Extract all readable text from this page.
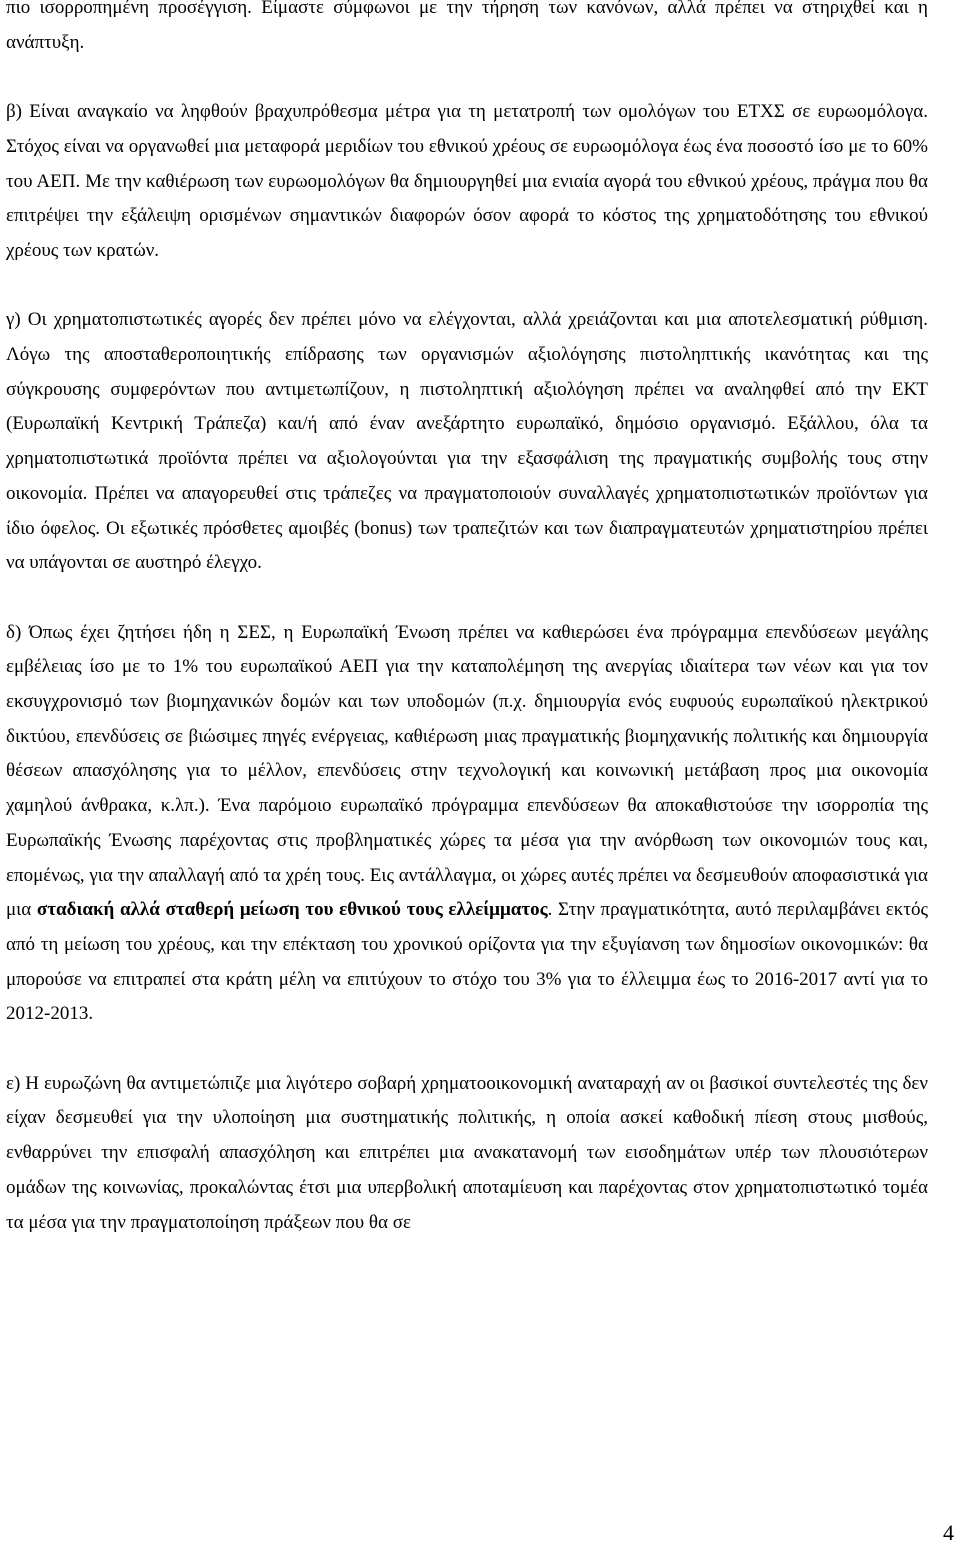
πιο ισορροπημένη προσέγγιση. Είμαστε σύμφωνοι με την τήρηση των κανόνων, αλλά πρέπει να στηριχθεί και η ανάπτυξη.

β) Είναι αναγκαίο να ληφθούν βραχυπρόθεσμα μέτρα για τη μετατροπή των ομολόγων του ΕΤΧΣ σε ευρωομόλογα. Στόχος είναι να οργανωθεί μια μεταφορά μεριδίων του εθνικού χρέους σε ευρωομόλογα έως ένα ποσοστό ίσο με το 60% του ΑΕΠ. Με την καθιέρωση των ευρωομολόγων θα δημιουργηθεί μια ενιαία αγορά του εθνικού χρέους, πράγμα που θα επιτρέψει την εξάλειψη ορισμένων σημαντικών διαφορών όσον αφορά το κόστος της χρηματοδότησης του εθνικού χρέους των κρατών.

γ) Οι χρηματοπιστωτικές αγορές δεν πρέπει μόνο να ελέγχονται, αλλά χρειάζονται και μια αποτελεσματική ρύθμιση. Λόγω της αποσταθεροποιητικής επίδρασης των οργανισμών αξιολόγησης πιστοληπτικής ικανότητας και της σύγκρουσης συμφερόντων που αντιμετωπίζουν, η πιστοληπτική αξιολόγηση πρέπει να αναληφθεί από την ΕΚΤ (Ευρωπαϊκή Κεντρική Τράπεζα) και/ή από έναν ανεξάρτητο ευρωπαϊκό, δημόσιο οργανισμό. Εξάλλου, όλα τα χρηματοπιστωτικά προϊόντα πρέπει να αξιολογούνται για την εξασφάλιση της πραγματικής συμβολής τους στην οικονομία. Πρέπει να απαγορευθεί στις τράπεζες να πραγματοποιούν συναλλαγές χρηματοπιστωτικών προϊόντων για ίδιο όφελος. Οι εξωτικές πρόσθετες αμοιβές (bonus) των τραπεζιτών και των διαπραγματευτών χρηματιστηρίου πρέπει να υπάγονται σε αυστηρό έλεγχο.

δ) Όπως έχει ζητήσει ήδη η ΣΕΣ, η Ευρωπαϊκή Ένωση πρέπει να καθιερώσει ένα πρόγραμμα επενδύσεων μεγάλης εμβέλειας ίσο με το 1% του ευρωπαϊκού ΑΕΠ για την καταπολέμηση της ανεργίας ιδιαίτερα των νέων και για τον εκσυγχρονισμό των βιομηχανικών δομών και των υποδομών (π.χ. δημιουργία ενός ευφυούς ευρωπαϊκού ηλεκτρικού δικτύου, επενδύσεις σε βιώσιμες πηγές ενέργειας, καθιέρωση μιας πραγματικής βιομηχανικής πολιτικής και δημιουργία θέσεων απασχόλησης για το μέλλον, επενδύσεις στην τεχνολογική και κοινωνική μετάβαση προς μια οικονομία χαμηλού άνθρακα, κ.λπ.). Ένα παρόμοιο ευρωπαϊκό πρόγραμμα επενδύσεων θα αποκαθιστούσε την ισορροπία της Ευρωπαϊκής Ένωσης παρέχοντας στις προβληματικές χώρες τα μέσα για την ανόρθωση των οικονομιών τους και, επομένως, για την απαλλαγή από τα χρέη τους. Εις αντάλλαγμα, οι χώρες αυτές πρέπει να δεσμευθούν αποφασιστικά για μια σταδιακή αλλά σταθερή μείωση του εθνικού τους ελλείμματος. Στην πραγματικότητα, αυτό περιλαμβάνει εκτός από τη μείωση του χρέους, και την επέκταση του χρονικού ορίζοντα για την εξυγίανση των δημοσίων οικονομικών: θα μπορούσε να επιτραπεί στα κράτη μέλη να επιτύχουν το στόχο του 3% για το έλλειμμα έως το 2016-2017 αντί για το 2012-2013.

ε) Η ευρωζώνη θα αντιμετώπιζε μια λιγότερο σοβαρή χρηματοοικονομική αναταραχή αν οι βασικοί συντελεστές της δεν είχαν δεσμευθεί για την υλοποίηση μια συστηματικής πολιτικής, η οποία ασκεί καθοδική πίεση στους μισθούς, ενθαρρύνει την επισφαλή απασχόληση και επιτρέπει μια ανακατανομή των εισοδημάτων υπέρ των πλουσιότερων ομάδων της κοινωνίας, προκαλώντας έτσι μια υπερβολική αποταμίευση και παρέχοντας στον χρηματοπιστωτικό τομέα τα μέσα για την πραγματοποίηση πράξεων που θα σε

4
